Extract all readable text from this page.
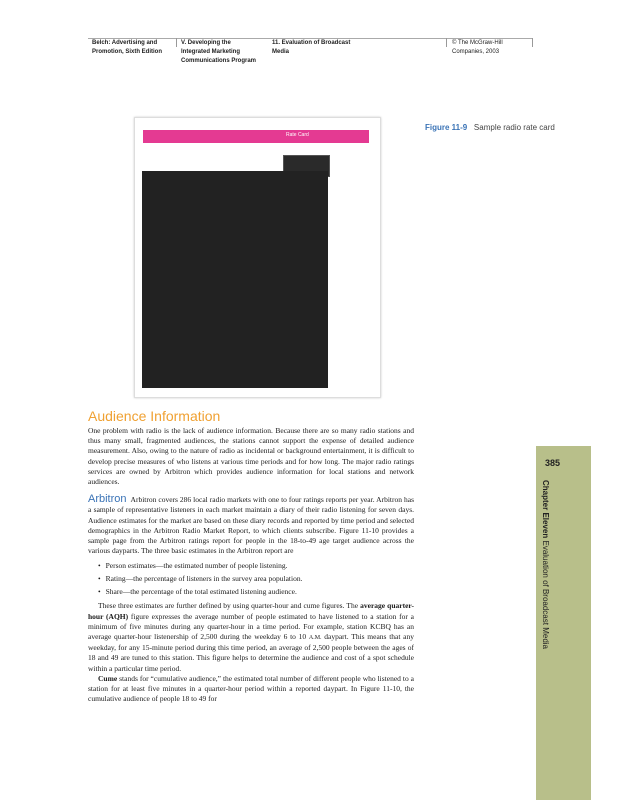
Belch: Advertising and
Promotion, Sixth Edition
V. Developing the
Integrated Marketing
Communications Program
11. Evaluation of Broadcast
Media
© The McGraw-Hill
Companies, 2003
Rate Card
Figure 11-9 Sample radio rate card
385
Chapter Eleven Evaluation of Broadcast Media
Audience Information

One problem with radio is the lack of audience information. Because there are so many radio stations and thus many small, fragmented audiences, the stations cannot support the expense of detailed audience measurement. Also, owing to the nature of radio as incidental or background entertainment, it is difficult to develop precise measures of who listens at various time periods and for how long. The major radio ratings services are owned by Arbitron which provides audience information for local stations and network audiences.

Arbitron Arbitron covers 286 local radio markets with one to four ratings reports per year. Arbitron has a sample of representative listeners in each market maintain a diary of their radio listening for seven days. Audience estimates for the market are based on these diary records and reported by time period and selected demographics in the Arbitron Radio Market Report, to which clients subscribe. Figure 11-10 provides a sample page from the Arbitron ratings report for people in the 18-to-49 age target audience across the various dayparts. The three basic estimates in the Arbitron report are

• Person estimates—the estimated number of people listening.
• Rating—the percentage of listeners in the survey area population.
• Share—the percentage of the total estimated listening audience.

These three estimates are further defined by using quarter-hour and cume figures. The average quarter-hour (AQH) figure expresses the average number of people estimated to have listened to a station for a minimum of five minutes during any quarter-hour in a time period. For example, station KCBQ has an average quarter-hour listenership of 2,500 during the weekday 6 to 10 A.M. daypart. This means that any weekday, for any 15-minute period during this time period, an average of 2,500 people between the ages of 18 and 49 are tuned to this station. This figure helps to determine the audience and cost of a spot schedule within a particular time period.

Cume stands for “cumulative audience,” the estimated total number of different people who listened to a station for at least five minutes in a quarter-hour period within a reported daypart. In Figure 11-10, the cumulative audience of people 18 to 49 for
